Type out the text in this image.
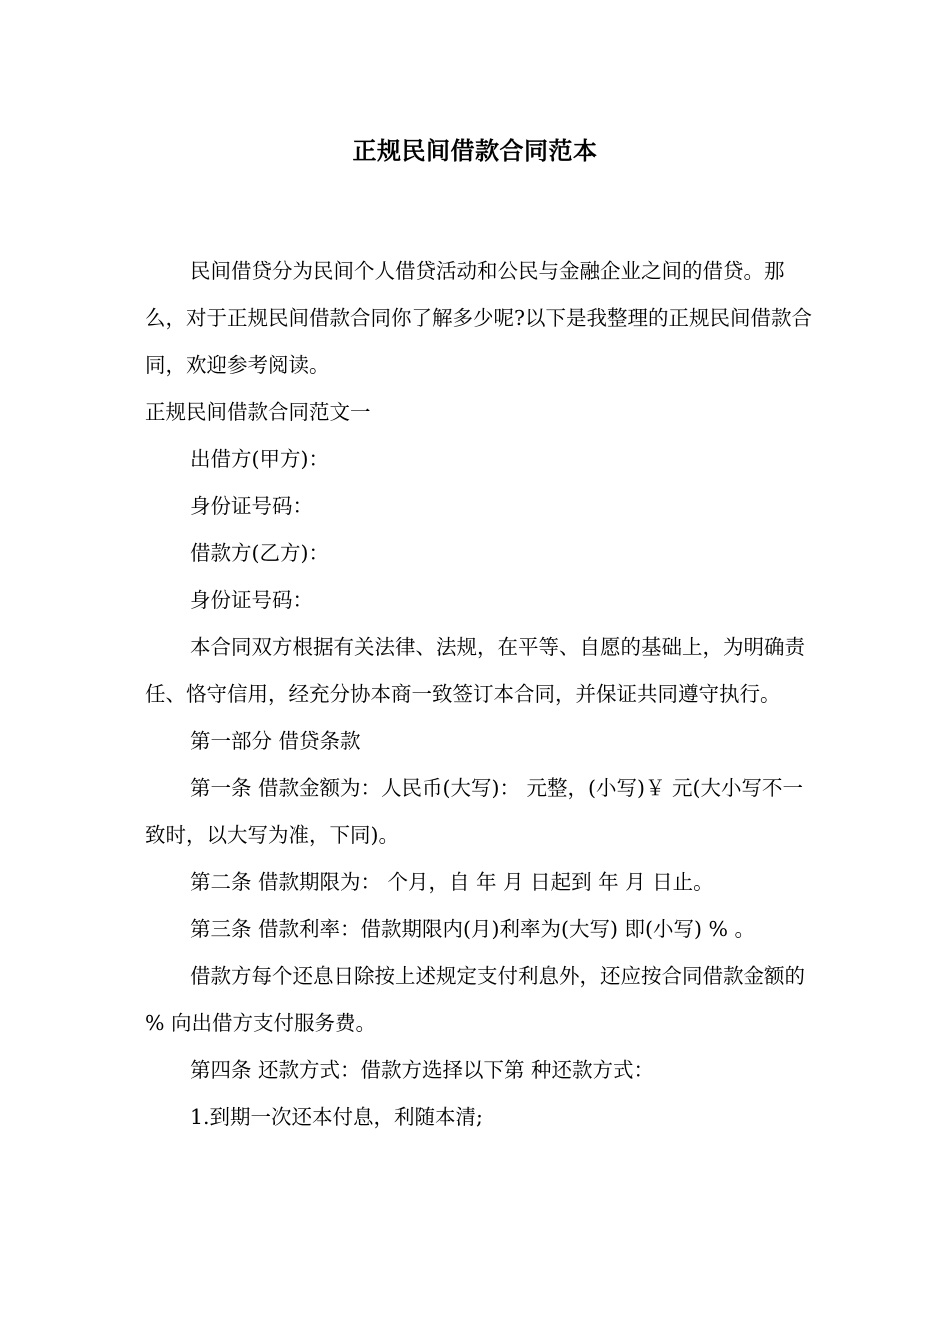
正规民间借款合同范本

民间借贷分为民间个人借贷活动和公民与金融企业之间的借贷。那么，对于正规民间借款合同你了解多少呢?以下是我整理的正规民间借款合同，欢迎参考阅读。

正规民间借款合同范文一

出借方(甲方)：

身份证号码：

借款方(乙方)：

身份证号码：

本合同双方根据有关法律、法规，在平等、自愿的基础上，为明确责任、恪守信用，经充分协本商一致签订本合同，并保证共同遵守执行。

第一部分 借贷条款

第一条 借款金额为：人民币(大写)： 元整，(小写)￥ 元(大小写不一致时，以大写为准，下同)。

第二条 借款期限为： 个月，自 年 月 日起到 年 月 日止。

第三条 借款利率：借款期限内(月)利率为(大写) 即(小写) % 。

借款方每个还息日除按上述规定支付利息外，还应按合同借款金额的 % 向出借方支付服务费。

第四条 还款方式：借款方选择以下第 种还款方式：

1.到期一次还本付息，利随本清;
